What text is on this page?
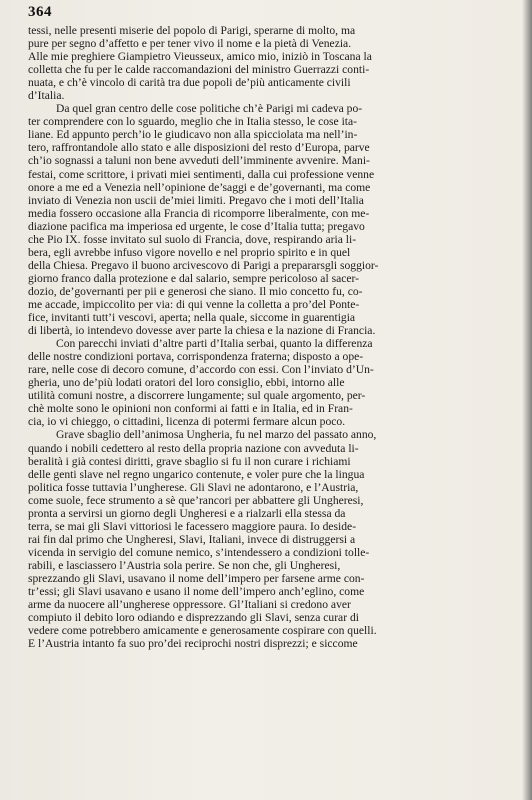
364
tessi, nelle presenti miserie del popolo di Parigi, sperarne di molto, ma
pure per segno d’affetto e per tener vivo il nome e la pietà di Venezia.
Alle mie preghiere Giampietro Vieusseux, amico mio, iniziò in Toscana la
colletta che fu per le calde raccomandazioni del ministro Guerrazzi conti-
nuata, e ch’è vincolo di carità tra due popoli de’più anticamente civili
d’Italia.
Da quel gran centro delle cose politiche ch’è Parigi mi cadeva po-
ter comprendere con lo sguardo, meglio che in Italia stesso, le cose ita-
liane. Ed appunto perch’io le giudicavo non alla spicciolata ma nell’in-
tero, raffrontandole allo stato e alle disposizioni del resto d’Europa, parve
ch’io sognassi a taluni non bene avveduti dell’imminente avvenire. Mani-
festai, come scrittore, i privati miei sentimenti, dalla cui professione venne
onore a me ed a Venezia nell’opinione de’saggi e de’governanti, ma come
inviato di Venezia non uscii de’miei limiti. Pregavo che i moti dell’Italia
media fossero occasione alla Francia di ricomporre liberalmente, con me-
diazione pacifica ma imperiosa ed urgente, le cose d’Italia tutta; pregavo
che Pio IX. fosse invitato sul suolo di Francia, dove, respirando aria li-
bera, egli avrebbe infuso vigore novello e nel proprio spirito e in quel
della Chiesa. Pregavo il buono arcivescovo di Parigi a prepararsgli soggior-
giorno franco dalla protezione e dal salario, sempre pericoloso al sacer-
dozio, de’governanti per pii e generosi che siano. Il mio concetto fu, co-
me accade, impiccolito per via: di qui venne la colletta a pro’del Ponte-
fice, invitanti tutt’i vescovi, aperta; nella quale, siccome in guarentigia
di libertà, io intendevo dovesse aver parte la chiesa e la nazione di Francia.
Con parecchi inviati d’altre parti d’Italia serbai, quanto la differenza
delle nostre condizioni portava, corrispondenza fraterna; disposto a ope-
rare, nelle cose di decoro comune, d’accordo con essi. Con l’inviato d’Un-
gheria, uno de’più lodati oratori del loro consiglio, ebbi, intorno alle
utilità comuni nostre, a discorrere lungamente; sul quale argomento, per-
chè molte sono le opinioni non conformi ai fatti e in Italia, ed in Fran-
cia, io vi chieggo, o cittadini, licenza di potermi fermare alcun poco.
Grave sbaglio dell’animosa Ungheria, fu nel marzo del passato anno,
quando i nobili cedettero al resto della propria nazione con avveduta li-
beralità i già contesi diritti, grave sbaglio si fu il non curare i richiami
delle genti slave nel regno ungarico contenute, e voler pure che la lingua
politica fosse tuttavia l’ungherese. Gli Slavi ne adontarono, e l’Austria,
come suole, fece strumento a sè que’rancori per abbattere gli Ungheresi,
pronta a servirsi un giorno degli Ungheresi e a rialzarli ella stessa da
terra, se mai gli Slavi vittoriosi le facessero maggiore paura. Io deside-
rai fin dal primo che Ungheresi, Slavi, Italiani, invece di distruggersi a
vicenda in servigio del comune nemico, s’intendessero a condizioni tolle-
rabili, e lasciassero l’Austria sola perire. Se non che, gli Ungheresi,
sprezzando gli Slavi, usavano il nome dell’impero per farsene arme con-
tr’essi; gli Slavi usavano e usano il nome dell’impero anch’eglino, come
arme da nuocere all’ungherese oppressore. Gl’Italiani si credono aver
compiuto il debito loro odiando e disprezzando gli Slavi, senza curar di
vedere come potrebbero amicamente e generosamente cospirare con quelli.
E l’Austria intanto fa suo pro’dei reciprochi nostri disprezzi; e siccome
